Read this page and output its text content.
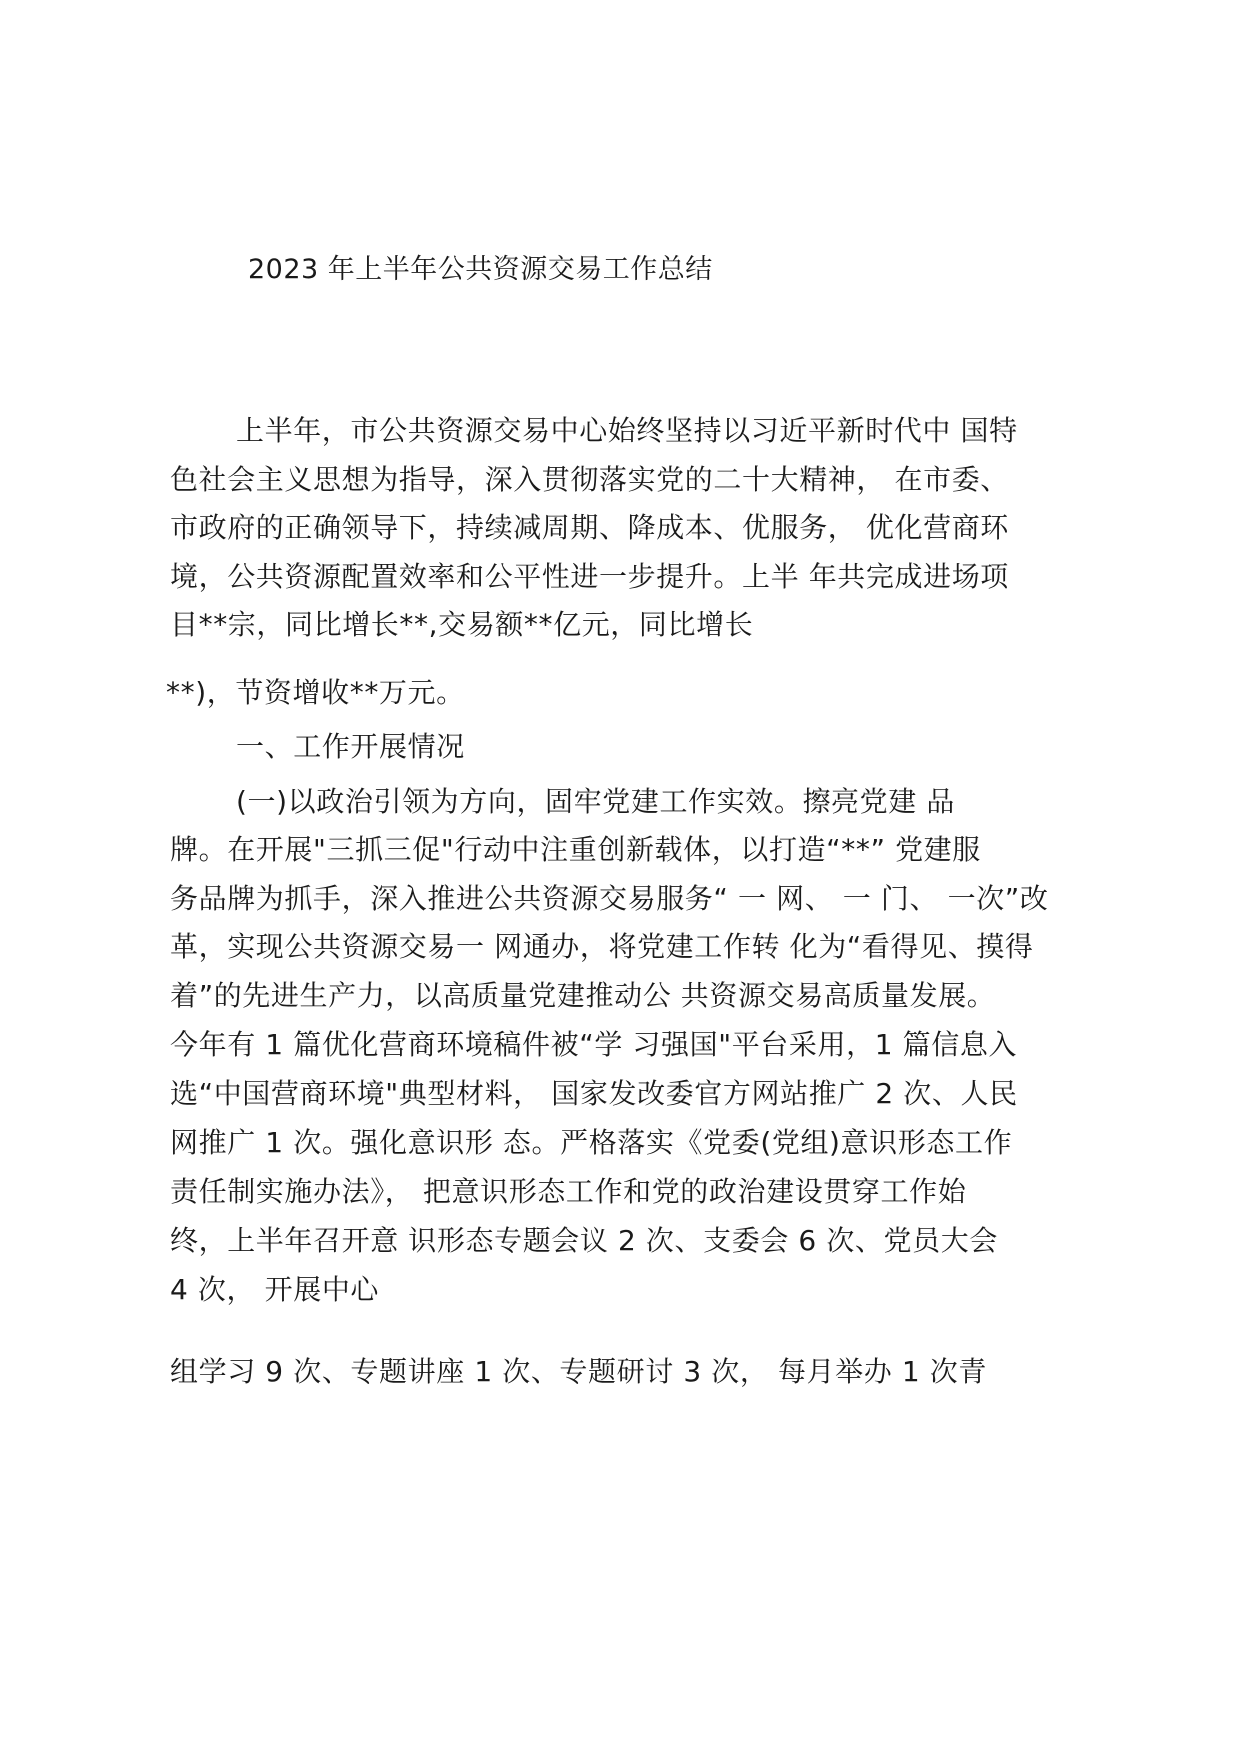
2023 年上半年公共资源交易工作总结
上半年，市公共资源交易中心始终坚持以习近平新时代中 国特
色社会主义思想为指导，深入贯彻落实党的二十大精神， 在市委、
市政府的正确领导下，持续减周期、降成本、优服务， 优化营商环
境，公共资源配置效率和公平性进一步提升。上半 年共完成进场项
目**宗，同比增长**,交易额**亿元，同比增长
**)，节资增收**万元。
一、工作开展情况
(一)以政治引领为方向，固牢党建工作实效。擦亮党建 品
牌。在开展"三抓三促"行动中注重创新载体，以打造“**” 党建服
务品牌为抓手，深入推进公共资源交易服务“ 一 网、 一 门、 一次”改
革，实现公共资源交易一 网通办，将党建工作转 化为“看得见、摸得
着”的先进生产力，以高质量党建推动公 共资源交易高质量发展。
今年有 1 篇优化营商环境稿件被“学 习强国"平台采用，1 篇信息入
选“中国营商环境"典型材料， 国家发改委官方网站推广 2 次、人民
网推广 1 次。强化意识形 态。严格落实《党委(党组)意识形态工作
责任制实施办法》， 把意识形态工作和党的政治建设贯穿工作始
终，上半年召开意 识形态专题会议 2 次、支委会 6 次、党员大会
4 次， 开展中心
组学习 9 次、专题讲座 1 次、专题研讨 3 次， 每月举办 1 次青
